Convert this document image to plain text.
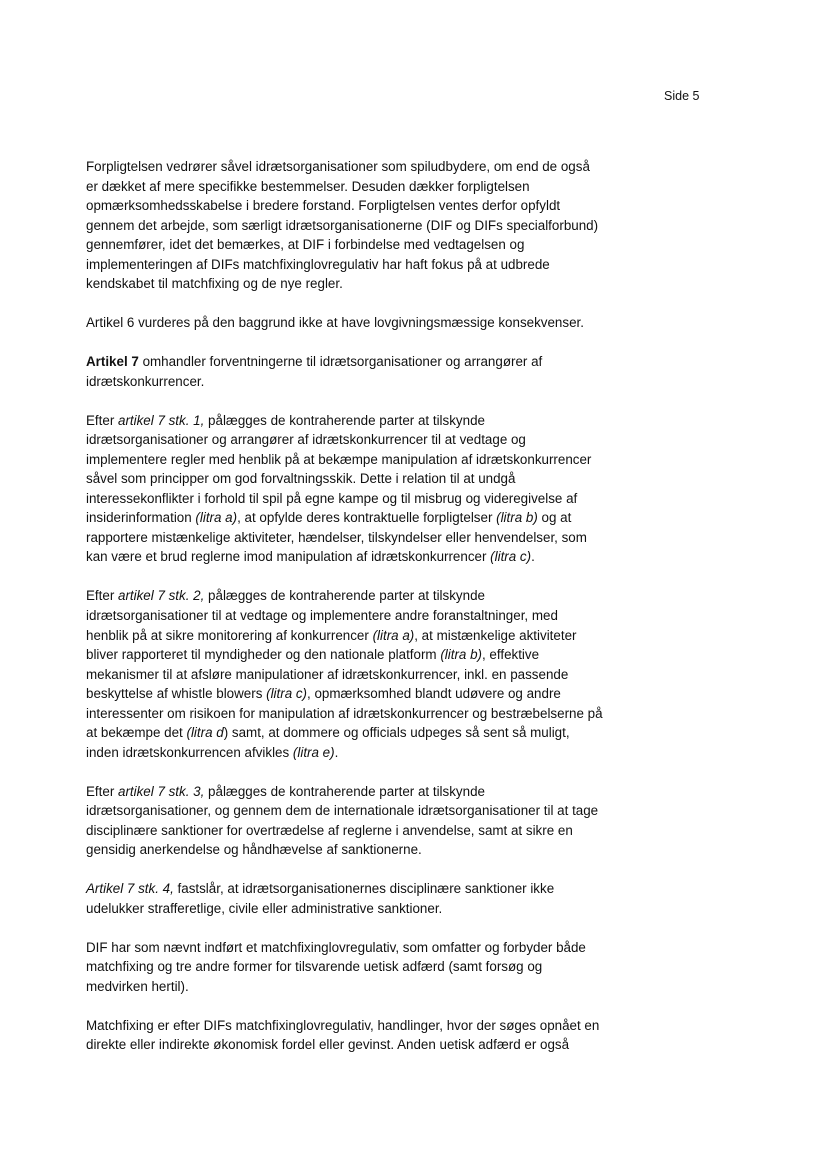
Side 5

Forpligtelsen vedrører såvel idrætsorganisationer som spiludbydere, om end de også
er dækket af mere specifikke bestemmelser. Desuden dækker forpligtelsen
opmærksomhedsskabelse i bredere forstand. Forpligtelsen ventes derfor opfyldt
gennem det arbejde, som særligt idrætsorganisationerne (DIF og DIFs specialforbund)
gennemfører, idet det bemærkes, at DIF i forbindelse med vedtagelsen og
implementeringen af DIFs matchfixinglovregulativ har haft fokus på at udbrede
kendskabet til matchfixing og de nye regler.

Artikel 6 vurderes på den baggrund ikke at have lovgivningsmæssige konsekvenser.

Artikel 7 omhandler forventningerne til idrætsorganisationer og arrangører af
idrætskonkurrencer.

Efter artikel 7 stk. 1, pålægges de kontraherende parter at tilskynde
idrætsorganisationer og arrangører af idrætskonkurrencer til at vedtage og
implementere regler med henblik på at bekæmpe manipulation af idrætskonkurrencer
såvel som principper om god forvaltningsskik. Dette i relation til at undgå
interessekonflikter i forhold til spil på egne kampe og til misbrug og videregivelse af
insiderinformation (litra a), at opfylde deres kontraktuelle forpligtelser (litra b) og at
rapportere mistænkelige aktiviteter, hændelser, tilskyndelser eller henvendelser, som
kan være et brud reglerne imod manipulation af idrætskonkurrencer (litra c).

Efter artikel 7 stk. 2, pålægges de kontraherende parter at tilskynde
idrætsorganisationer til at vedtage og implementere andre foranstaltninger, med
henblik på at sikre monitorering af konkurrencer (litra a), at mistænkelige aktiviteter
bliver rapporteret til myndigheder og den nationale platform (litra b), effektive
mekanismer til at afsløre manipulationer af idrætskonkurrencer, inkl. en passende
beskyttelse af whistle blowers (litra c), opmærksomhed blandt udøvere og andre
interessenter om risikoen for manipulation af idrætskonkurrencer og bestræbelserne på
at bekæmpe det (litra d) samt, at dommere og officials udpeges så sent så muligt,
inden idrætskonkurrencen afvikles (litra e).

Efter artikel 7 stk. 3, pålægges de kontraherende parter at tilskynde
idrætsorganisationer, og gennem dem de internationale idrætsorganisationer til at tage
disciplinære sanktioner for overtrædelse af reglerne i anvendelse, samt at sikre en
gensidig anerkendelse og håndhævelse af sanktionerne.

Artikel 7 stk. 4, fastslår, at idrætsorganisationernes disciplinære sanktioner ikke
udelukker strafferetlige, civile eller administrative sanktioner.

DIF har som nævnt indført et matchfixinglovregulativ, som omfatter og forbyder både
matchfixing og tre andre former for tilsvarende uetisk adfærd (samt forsøg og
medvirken hertil).

Matchfixing er efter DIFs matchfixinglovregulativ, handlinger, hvor der søges opnået en
direkte eller indirekte økonomisk fordel eller gevinst. Anden uetisk adfærd er også
